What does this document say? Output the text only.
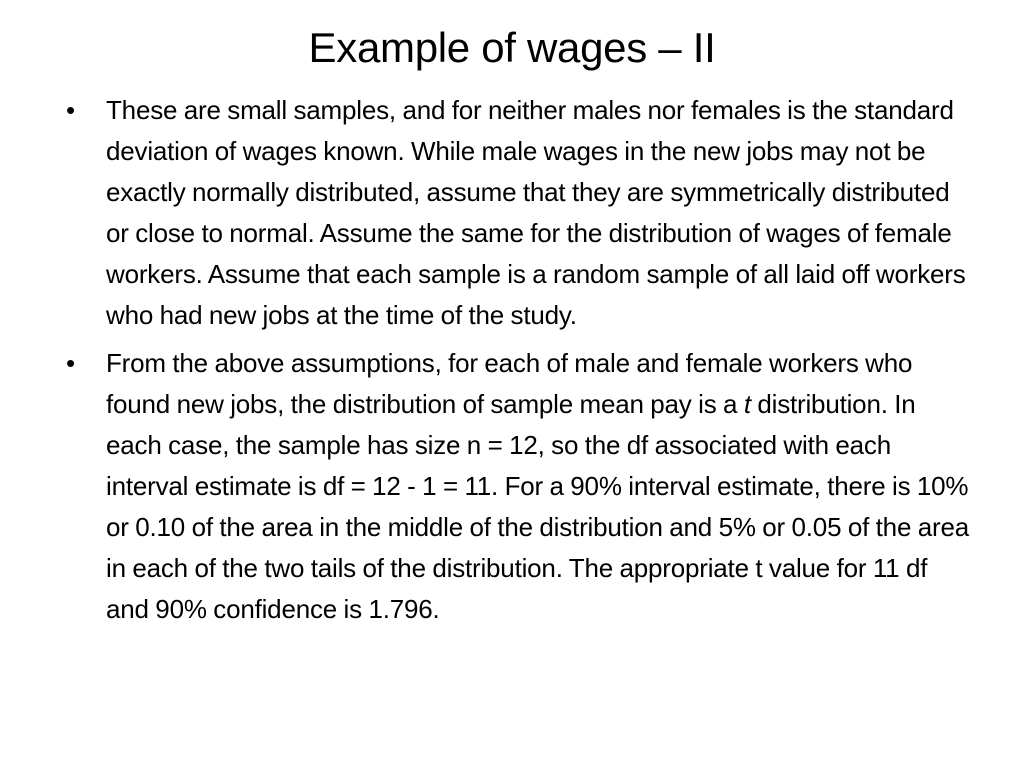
Example of wages – II
• These are small samples, and for neither males nor females is the standard deviation of wages known. While male wages in the new jobs may not be exactly normally distributed, assume that they are symmetrically distributed or close to normal. Assume the same for the distribution of wages of female workers. Assume that each sample is a random sample of all laid off workers who had new jobs at the time of the study.
• From the above assumptions, for each of male and female workers who found new jobs, the distribution of sample mean pay is a t distribution. In each case, the sample has size n = 12, so the df associated with each interval estimate is df = 12 - 1 = 11. For a 90% interval estimate, there is 10% or 0.10 of the area in the middle of the distribution and 5% or 0.05 of the area in each of the two tails of the distribution. The appropriate t value for 11 df and 90% confidence is 1.796.
